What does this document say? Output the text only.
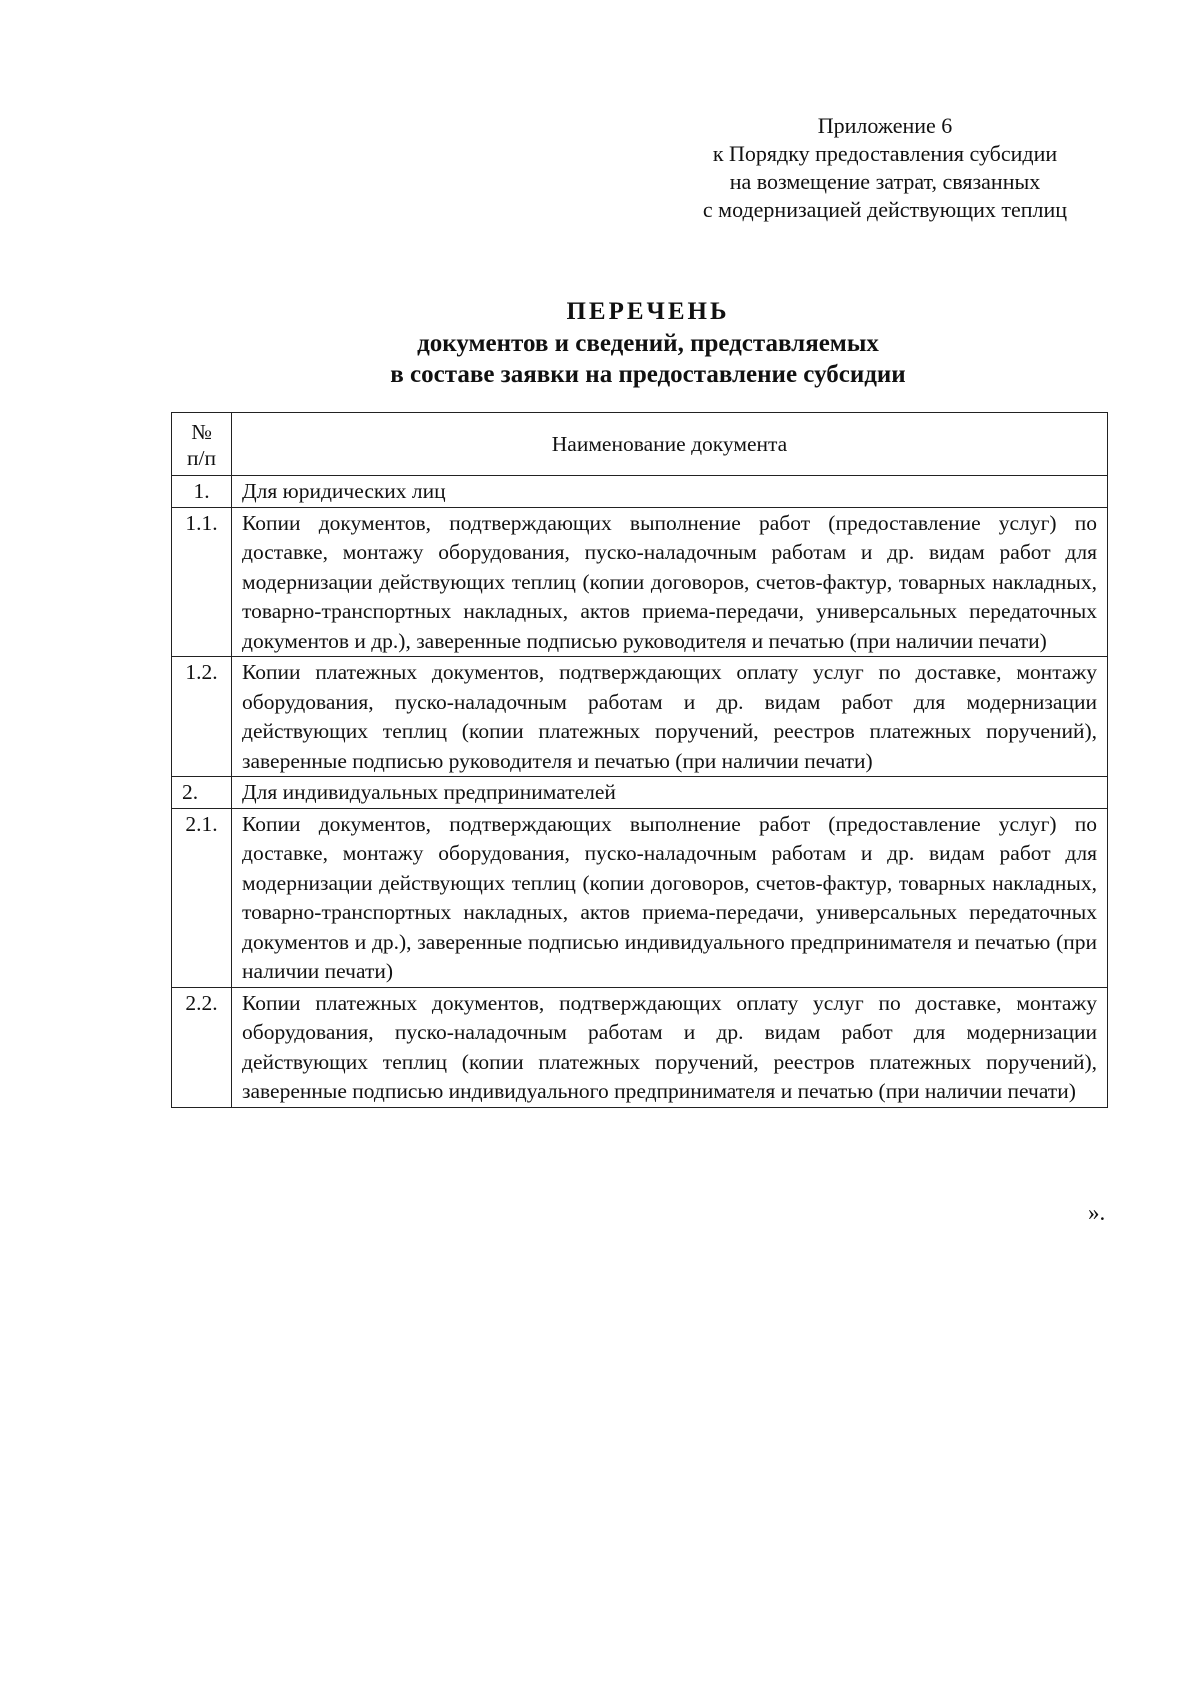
Приложение 6
к Порядку предоставления субсидии
на возмещение затрат, связанных
с модернизацией действующих теплиц
ПЕРЕЧЕНЬ
документов и сведений, представляемых
в составе заявки на предоставление субсидии
№
п/п	Наименование документа
1.	Для юридических лиц
1.1.	Копии документов, подтверждающих выполнение работ (предоставление услуг) по доставке, монтажу оборудования, пуско-наладочным работам и др. видам работ для модернизации действующих теплиц (копии договоров, счетов-фактур, товарных накладных, товарно-транспортных накладных, актов приема-передачи, универсальных передаточных документов и др.), заверенные подписью руководителя и печатью (при наличии печати)
1.2.	Копии платежных документов, подтверждающих оплату услуг по доставке, монтажу оборудования, пуско-наладочным работам и др. видам работ для модернизации действующих теплиц (копии платежных поручений, реестров платежных поручений), заверенные подписью руководителя и печатью (при наличии печати)
2.	Для индивидуальных предпринимателей
2.1.	Копии документов, подтверждающих выполнение работ (предоставление услуг) по доставке, монтажу оборудования, пуско-наладочным работам и др. видам работ для модернизации действующих теплиц (копии договоров, счетов-фактур, товарных накладных, товарно-транспортных накладных, актов приема-передачи, универсальных передаточных документов и др.), заверенные подписью индивидуального предпринимателя и печатью (при наличии печати)
2.2.	Копии платежных документов, подтверждающих оплату услуг по доставке, монтажу оборудования, пуско-наладочным работам и др. видам работ для модернизации действующих теплиц (копии платежных поручений, реестров платежных поручений), заверенные подписью индивидуального предпринимателя и печатью (при наличии печати)
».
